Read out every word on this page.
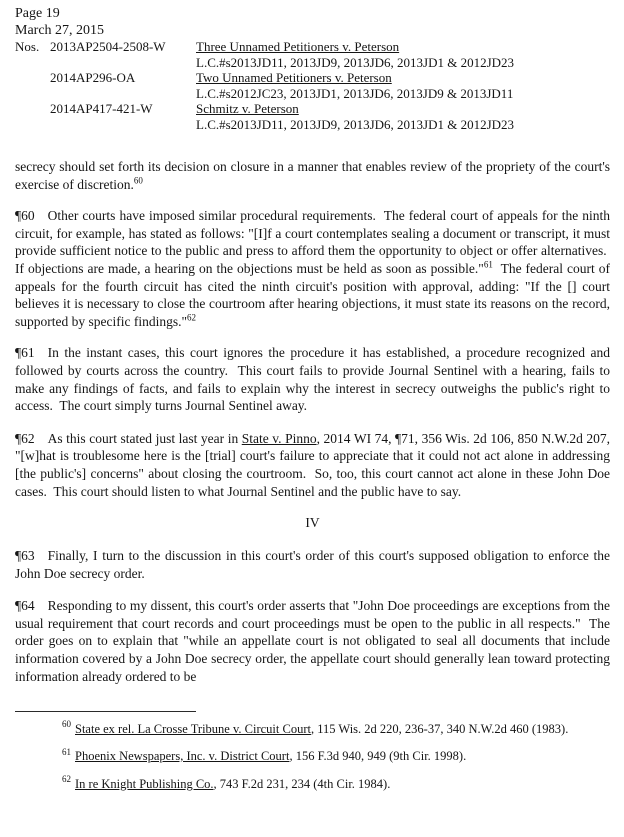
Page 19
March 27, 2015
Nos. 2013AP2504-2508-W	Three Unnamed Petitioners v. Peterson
L.C.#s2013JD11, 2013JD9, 2013JD6, 2013JD1 & 2012JD23
2014AP296-OA	Two Unnamed Petitioners v. Peterson
L.C.#s2012JC23, 2013JD1, 2013JD6, 2013JD9 & 2013JD11
2014AP417-421-W	Schmitz v. Peterson
L.C.#s2013JD11, 2013JD9, 2013JD6, 2013JD1 & 2012JD23

secrecy should set forth its decision on closure in a manner that enables review of the propriety of the court's exercise of discretion.$^{60}$

¶60 Other courts have imposed similar procedural requirements.  The federal court of appeals for the ninth circuit, for example, has stated as follows: "[I]f a court contemplates sealing a document or transcript, it must provide sufficient notice to the public and press to afford them the opportunity to object or offer alternatives.  If objections are made, a hearing on the objections must be held as soon as possible."$^{61}$  The federal court of appeals for the fourth circuit has cited the ninth circuit's position with approval, adding: "If the [] court believes it is necessary to close the courtroom after hearing objections, it must state its reasons on the record, supported by specific findings."$^{62}$

¶61 In the instant cases, this court ignores the procedure it has established, a procedure recognized and followed by courts across the country.  This court fails to provide Journal Sentinel with a hearing, fails to make any findings of facts, and fails to explain why the interest in secrecy outweighs the public's right to access.  The court simply turns Journal Sentinel away.

¶62 As this court stated just last year in State v. Pinno, 2014 WI 74, ¶71, 356 Wis. 2d 106, 850 N.W.2d 207, "[w]hat is troublesome here is the [trial] court's failure to appreciate that it could not act alone in addressing [the public's] concerns" about closing the courtroom.  So, too, this court cannot act alone in these John Doe cases.  This court should listen to what Journal Sentinel and the public have to say.

IV

¶63 Finally, I turn to the discussion in this court's order of this court's supposed obligation to enforce the John Doe secrecy order.

¶64 Responding to my dissent, this court's order asserts that "John Doe proceedings are exceptions from the usual requirement that court records and court proceedings must be open to the public in all respects."  The order goes on to explain that "while an appellate court is not obligated to seal all documents that include information covered by a John Doe secrecy order, the appellate court should generally lean toward protecting information already ordered to be

$^{60}$ State ex rel. La Crosse Tribune v. Circuit Court, 115 Wis. 2d 220, 236-37, 340 N.W.2d 460 (1983).

$^{61}$ Phoenix Newspapers, Inc. v. District Court, 156 F.3d 940, 949 (9th Cir. 1998).

$^{62}$ In re Knight Publishing Co., 743 F.2d 231, 234 (4th Cir. 1984).
